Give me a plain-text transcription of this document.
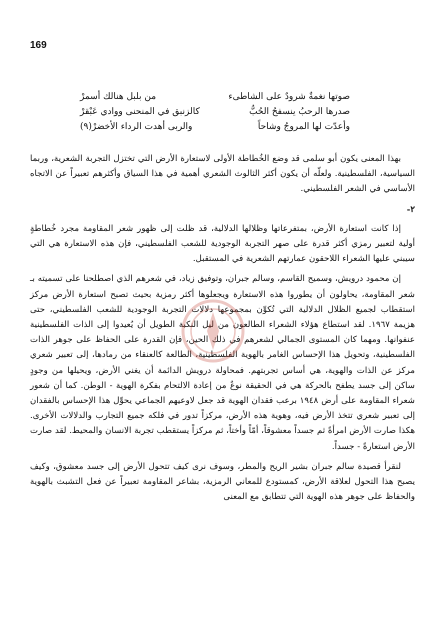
169
صوتها نغمةٌ شرودٌ على الشاطىء
من بلبل هنالك أسمرْ
صدرها الرحبُ ينسفحُ الحُبُّ
كالزنبق في المنحنى ووادي عَبْقرْ
وأعدّت لها المروجُ وشاحاً
والربى أهدت الرداء الأخضرْ(٩)

بهذا المعنى يكون أبو سلمى قد وضع الخُطاطة الأولى لاستعارة الأرض التي تختزل التجربة الشعرية، وربما السياسية، الفلسطينية. ولعلّه أن يكون أكثر الثالوث الشعري أهمية في هذا السياق وأكثرهم تعبيراً عن الاتجاه الأساسي في الشعر الفلسطيني.

٢-

إذا كانت استعارة الأرض، بمتفرعاتها وظلالها الدلالية، قد ظلت إلى ظهور شعر المقاومة مجرد خُطاطةٍ أولية لتعبير رمزي أكثر قدرة على صهر التجربة الوجودية للشعب الفلسطيني، فإن هذه الاستعارة هي التي سيبني عليها الشعراء اللاحقون عمارتهم الشعرية في المستقبل.

إن محمود درويش، وسميح القاسم، وسالم جبران، وتوفيق زياد، في شعرهم الذي اصطلحنا على تسميته بـ شعر المقاومة، يحاولون أن يطوروا هذه الاستعارة ويجعلوها أكثر رمزية بحيث تصبح استعارة الأرض مركز استقطاب لجميع الظلال الدلالية التي تُكوِّن بمجموعها دلالات التجربة الوجودية للشعب الفلسطيني، حتى هزيمة ١٩٦٧. لقد استطاع هؤلاء الشعراء الطالعون من ليل النكبة الطويل أن يُعيدوا إلى الذات الفلسطينية عنفوانها. ومهما كان المستوى الجمالي لشعرهم في ذلك الحين، فإن القدرة على الحفاظ على جوهر الذات الفلسطينية، وتحويل هذا الإحساس الغامر بالهوية الفلسطينية، الطالعة كالعنقاء من رمادها، إلى تعبير شعري مركز عن الذات والهوية، هي أساس تجربتهم. فمحاولة درويش الدائمة أن يغني الأرض، ويحيلها من وجودٍ ساكن إلى جسد يطفح بالحركة هي في الحقيقة نوعٌ من إعادة الالتحام بفكرة الهوية - الوطن. كما أن شعور شعراء المقاومة على أرض ١٩٤٨ برعب فقدان الهوية قد جعل لاوعيهم الجماعي يحوِّل هذا الإحساس بالفقدان إلى تعبير شعري تتخذ الأرض فيه، وهوية هذه الأرض، مركزاً تدور في فلكه جميع التجارب والدلالات الأخرى. هكذا صارت الأرض امرأةً ثم جسداً معشوقاً، أمّاً وأختاً، ثم مركزاً يستقطب تجربة الانسان والمحيط. لقد صارت الأرض استعارةً - جسداً.

لنقرأ قصيدة سالم جبران بشير الريح والمطر، وسوف نرى كيف تتحول الأرض إلى جسد معشوق، وكيف يصبح هذا التحول لعلاقة الأرض، كمستودع للمعاني الرمزية، بشاعر المقاومة تعبيراً عن فعل التشبث بالهوية والحفاظ على جوهر هذه الهوية التي تتطابق مع المعنى
